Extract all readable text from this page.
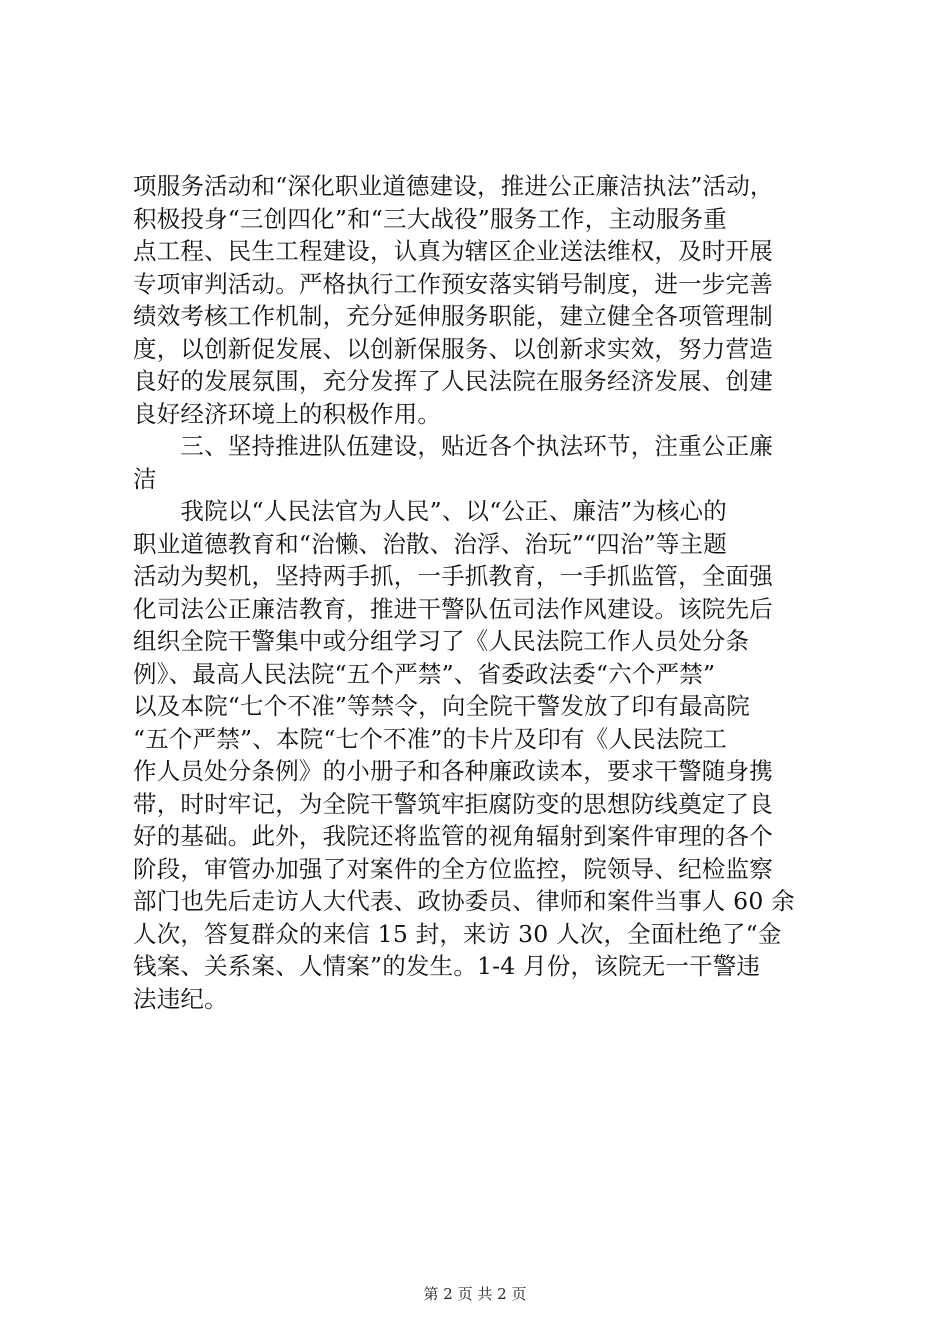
项服务活动和“深化职业道德建设，推进公正廉洁执法”活动，
积极投身“三创四化”和“三大战役”服务工作，主动服务重
点工程、民生工程建设，认真为辖区企业送法维权，及时开展
专项审判活动。严格执行工作预安落实销号制度，进一步完善
绩效考核工作机制，充分延伸服务职能，建立健全各项管理制
度，以创新促发展、以创新保服务、以创新求实效，努力营造
良好的发展氛围，充分发挥了人民法院在服务经济发展、创建
良好经济环境上的积极作用。
　　三、坚持推进队伍建设，贴近各个执法环节，注重公正廉
洁
　　我院以“人民法官为人民”、以“公正、廉洁”为核心的
职业道德教育和“治懒、治散、治浮、治玩”“四治”等主题
活动为契机，坚持两手抓，一手抓教育，一手抓监管，全面强
化司法公正廉洁教育，推进干警队伍司法作风建设。该院先后
组织全院干警集中或分组学习了《人民法院工作人员处分条
例》、最高人民法院“五个严禁”、省委政法委“六个严禁”
以及本院“七个不准”等禁令，向全院干警发放了印有最高院
“五个严禁”、本院“七个不准”的卡片及印有《人民法院工
作人员处分条例》的小册子和各种廉政读本，要求干警随身携
带，时时牢记，为全院干警筑牢拒腐防变的思想防线奠定了良
好的基础。此外，我院还将监管的视角辐射到案件审理的各个
阶段，审管办加强了对案件的全方位监控，院领导、纪检监察
部门也先后走访人大代表、政协委员、律师和案件当事人 60 余
人次，答复群众的来信 15 封，来访 30 人次，全面杜绝了“金
钱案、关系案、人情案”的发生。1-4 月份，该院无一干警违
法违纪。
第 2 页 共 2 页
